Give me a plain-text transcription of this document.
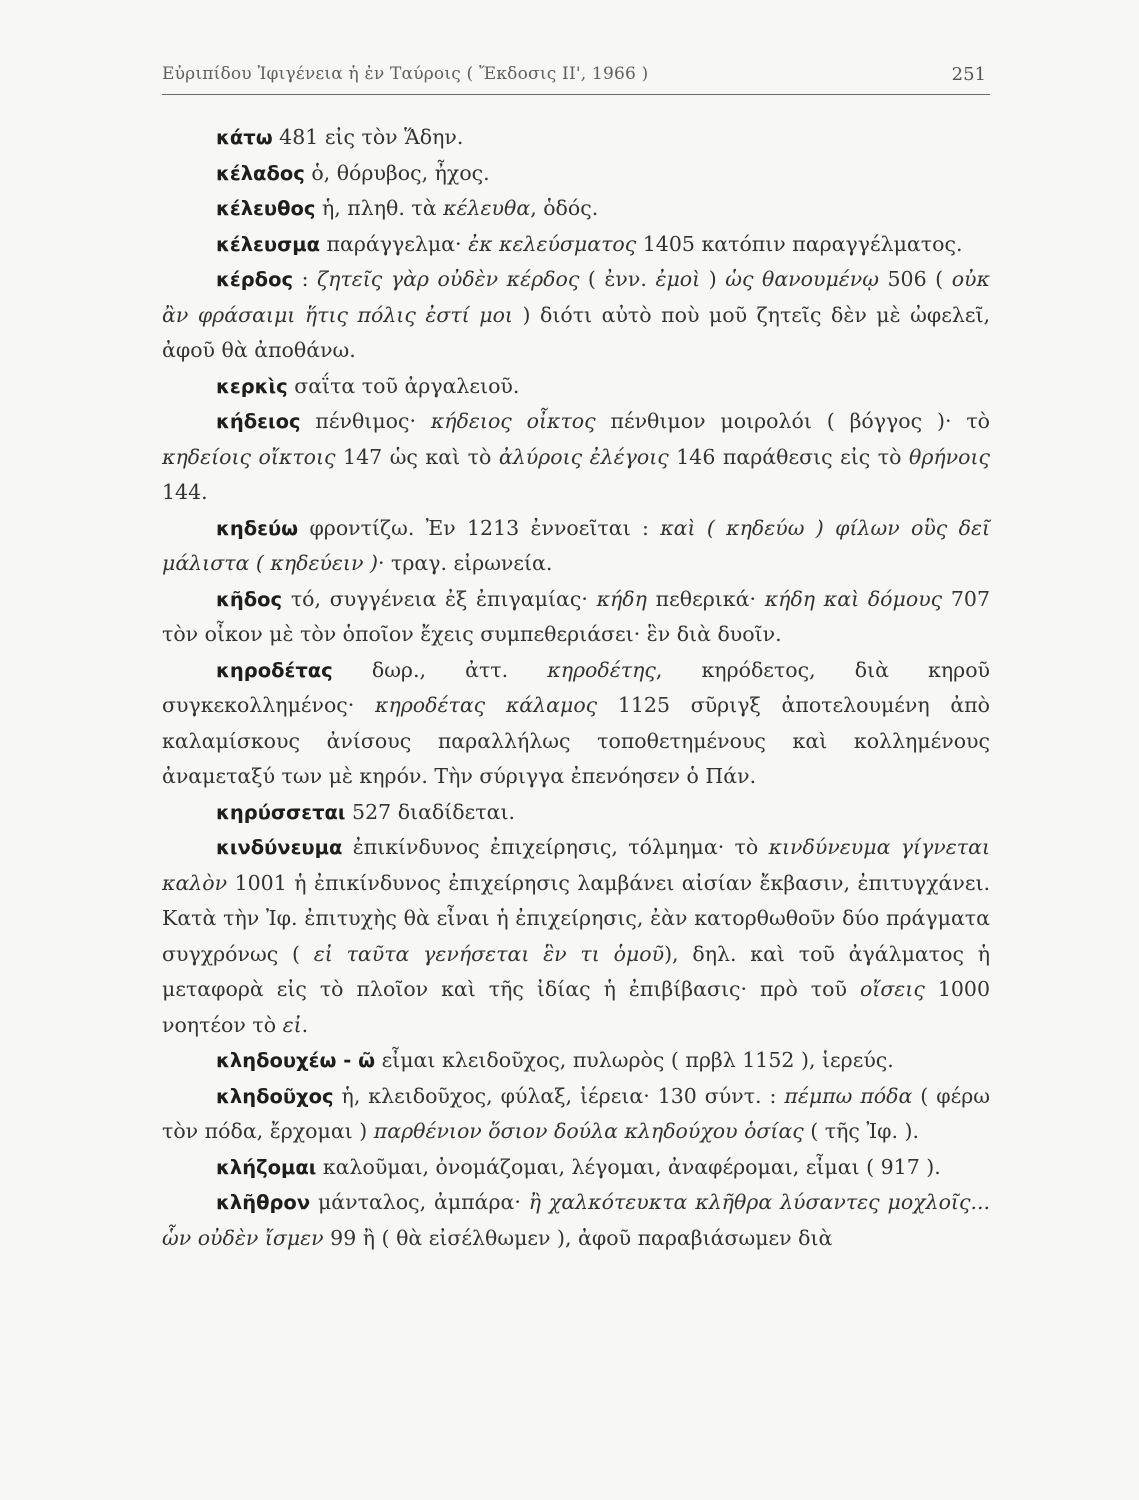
Εὐριπίδου Ἰφιγένεια ἡ ἐν Ταύροις ( Ἔκδοσις ΙΙ', 1966 )	251

κάτω 481 εἰς τὸν Ἅδην.

κέλαδος ὁ, θόρυβος, ἦχος.

κέλευθος ἡ, πληθ. τὰ κέλευθα, ὁδός.

κέλευσμα παράγγελμα· ἐκ κελεύσματος 1405 κατόπιν παραγγέλματος.

κέρδος : ζητεῖς γὰρ οὐδὲν κέρδος ( ἐνν. ἐμοὶ ) ὡς θανουμένῳ 506 ( οὐκ ἂν φράσαιμι ἥτις πόλις ἐστί μοι ) διότι αὐτὸ ποὺ μοῦ ζητεῖς δὲν μὲ ὠφελεῖ, ἀφοῦ θὰ ἀποθάνω.

κερκὶς σαΐτα τοῦ ἀργαλειοῦ.

κήδειος πένθιμος· κήδειος οἶκτος πένθιμον μοιρολόι ( βόγγος )· τὸ κηδείοις οἴκτοις 147 ὡς καὶ τὸ ἀλύροις ἐλέγοις 146 παράθεσις εἰς τὸ θρήνοις 144.

κηδεύω φροντίζω. Ἐν 1213 ἐννοεῖται : καὶ ( κηδεύω ) φίλων οὓς δεῖ μάλιστα ( κηδεύειν )· τραγ. εἰρωνεία.

κῆδος τό, συγγένεια ἐξ ἐπιγαμίας· κήδη πεθερικά· κήδη καὶ δόμους 707 τὸν οἶκον μὲ τὸν ὁποῖον ἔχεις συμπεθεριάσει· ἓν διὰ δυοῖν.

κηροδέτας δωρ., ἀττ. κηροδέτης, κηρόδετος, διὰ κηροῦ συγκεκολλημένος· κηροδέτας κάλαμος 1125 σῦριγξ ἀποτελουμένη ἀπὸ καλαμίσκους ἀνίσους παραλλήλως τοποθετημένους καὶ κολλημένους ἀναμεταξύ των μὲ κηρόν. Τὴν σύριγγα ἐπενόησεν ὁ Πάν.

κηρύσσεται 527 διαδίδεται.

κινδύνευμα ἐπικίνδυνος ἐπιχείρησις, τόλμημα· τὸ κινδύνευμα γίγνεται καλὸν 1001 ἡ ἐπικίνδυνος ἐπιχείρησις λαμβάνει αἰσίαν ἔκβασιν, ἐπιτυγχάνει. Κατὰ τὴν Ἰφ. ἐπιτυχὴς θὰ εἶναι ἡ ἐπιχείρησις, ἐὰν κατορθωθοῦν δύο πράγματα συγχρόνως ( εἰ ταῦτα γενήσεται ἓν τι ὁμοῦ), δηλ. καὶ τοῦ ἀγάλματος ἡ μεταφορὰ εἰς τὸ πλοῖον καὶ τῆς ἰδίας ἡ ἐπιβίβασις· πρὸ τοῦ οἴσεις 1000 νοητέον τὸ εἰ.

κληδουχέω - ῶ εἶμαι κλειδοῦχος, πυλωρὸς ( πρβλ 1152 ), ἱερεύς.

κληδοῦχος ἡ, κλειδοῦχος, φύλαξ, ἱέρεια· 130 σύντ. : πέμπω πόδα ( φέρω τὸν πόδα, ἔρχομαι ) παρθένιον ὅσιον δούλα κληδούχου ὁσίας ( τῆς Ἰφ. ).

κλήζομαι καλοῦμαι, ὀνομάζομαι, λέγομαι, ἀναφέρομαι, εἶμαι ( 917 ).

κλῆθρον μάνταλος, ἀμπάρα· ἢ χαλκότευκτα κλῆθρα λύσαντες μοχλοῖς... ὧν οὐδὲν ἴσμεν 99 ἢ ( θὰ εἰσέλθωμεν ), ἀφοῦ παραβιάσωμεν διὰ
